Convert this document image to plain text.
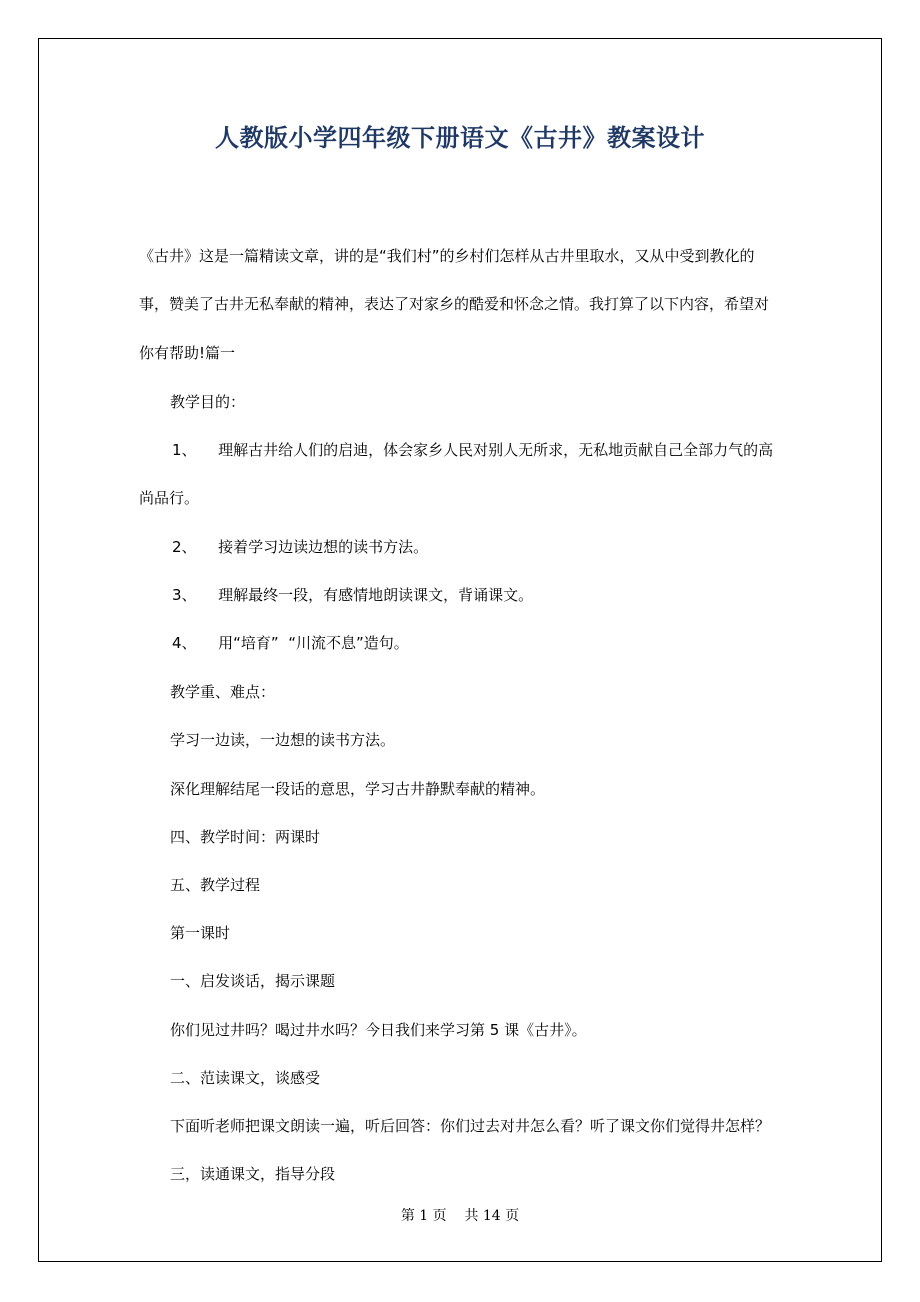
人教版小学四年级下册语文《古井》教案设计

《古井》这是一篇精读文章，讲的是“我们村”的乡村们怎样从古井里取水，又从中受到教化的

事，赞美了古井无私奉献的精神，表达了对家乡的酷爱和怀念之情。我打算了以下内容，希望对

你有帮助!篇一

教学目的：

1、 理解古井给人们的启迪，体会家乡人民对别人无所求，无私地贡献自己全部力气的高

尚品行。

2、 接着学习边读边想的读书方法。

3、 理解最终一段，有感情地朗读课文，背诵课文。

4、 用“培育”  “川流不息”造句。

教学重、难点：

学习一边读，一边想的读书方法。

深化理解结尾一段话的意思，学习古井静默奉献的精神。

四、教学时间：两课时

五、教学过程

第一课时

一、启发谈话，揭示课题

你们见过井吗？喝过井水吗？今日我们来学习第 5 课《古井》。

二、范读课文，谈感受

下面听老师把课文朗读一遍，听后回答：你们过去对井怎么看？听了课文你们觉得井怎样？

三，读通课文，指导分段

第 1 页 共 14 页
